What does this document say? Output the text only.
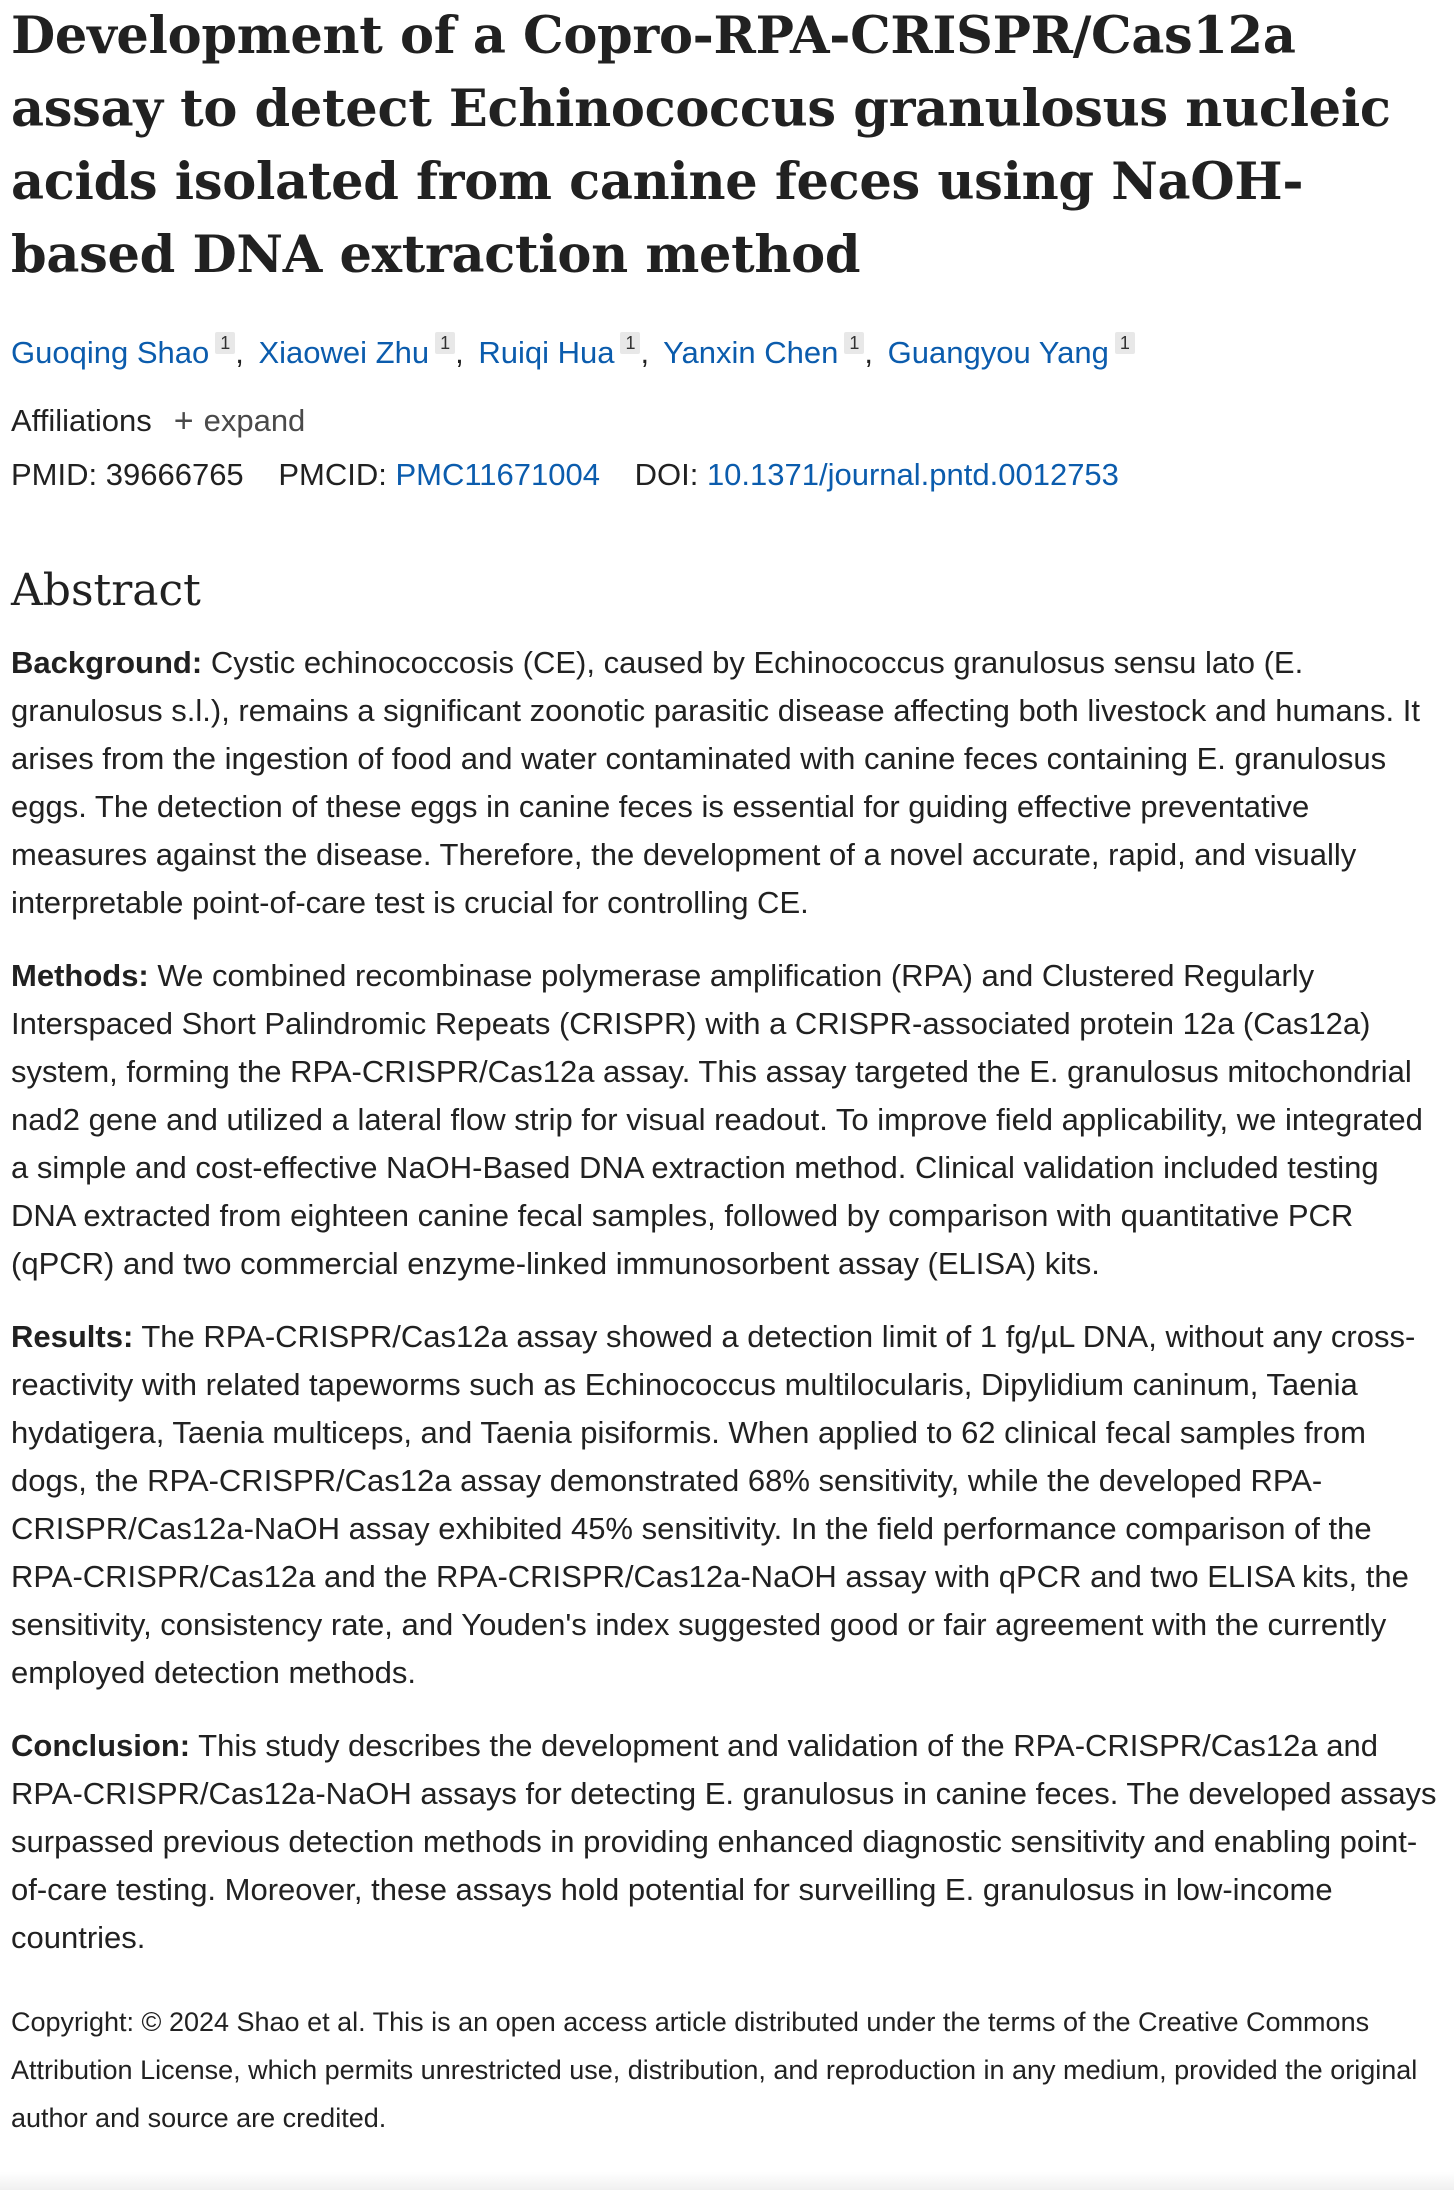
Development of a Copro-RPA-CRISPR/Cas12a assay to detect Echinococcus granulosus nucleic acids isolated from canine feces using NaOH-based DNA extraction method
Guoqing Shao 1 , Xiaowei Zhu 1 , Ruiqi Hua 1 , Yanxin Chen 1 , Guangyou Yang 1
Affiliations + expand
PMID: 39666765 PMCID: PMC11671004 DOI: 10.1371/journal.pntd.0012753
Abstract

Background: Cystic echinococcosis (CE), caused by Echinococcus granulosus sensu lato (E. granulosus s.l.), remains a significant zoonotic parasitic disease affecting both livestock and humans. It arises from the ingestion of food and water contaminated with canine feces containing E. granulosus eggs. The detection of these eggs in canine feces is essential for guiding effective preventative measures against the disease. Therefore, the development of a novel accurate, rapid, and visually interpretable point-of-care test is crucial for controlling CE.

Methods: We combined recombinase polymerase amplification (RPA) and Clustered Regularly Interspaced Short Palindromic Repeats (CRISPR) with a CRISPR-associated protein 12a (Cas12a) system, forming the RPA-CRISPR/Cas12a assay. This assay targeted the E. granulosus mitochondrial nad2 gene and utilized a lateral flow strip for visual readout. To improve field applicability, we integrated a simple and cost-effective NaOH-Based DNA extraction method. Clinical validation included testing DNA extracted from eighteen canine fecal samples, followed by comparison with quantitative PCR (qPCR) and two commercial enzyme-linked immunosorbent assay (ELISA) kits.

Results: The RPA-CRISPR/Cas12a assay showed a detection limit of 1 fg/µL DNA, without any cross-reactivity with related tapeworms such as Echinococcus multilocularis, Dipylidium caninum, Taenia hydatigera, Taenia multiceps, and Taenia pisiformis. When applied to 62 clinical fecal samples from dogs, the RPA-CRISPR/Cas12a assay demonstrated 68% sensitivity, while the developed RPA-CRISPR/Cas12a-NaOH assay exhibited 45% sensitivity. In the field performance comparison of the RPA-CRISPR/Cas12a and the RPA-CRISPR/Cas12a-NaOH assay with qPCR and two ELISA kits, the sensitivity, consistency rate, and Youden's index suggested good or fair agreement with the currently employed detection methods.

Conclusion: This study describes the development and validation of the RPA-CRISPR/Cas12a and RPA-CRISPR/Cas12a-NaOH assays for detecting E. granulosus in canine feces. The developed assays surpassed previous detection methods in providing enhanced diagnostic sensitivity and enabling point-of-care testing. Moreover, these assays hold potential for surveilling E. granulosus in low-income countries.

Copyright: © 2024 Shao et al. This is an open access article distributed under the terms of the Creative Commons Attribution License, which permits unrestricted use, distribution, and reproduction in any medium, provided the original author and source are credited.
